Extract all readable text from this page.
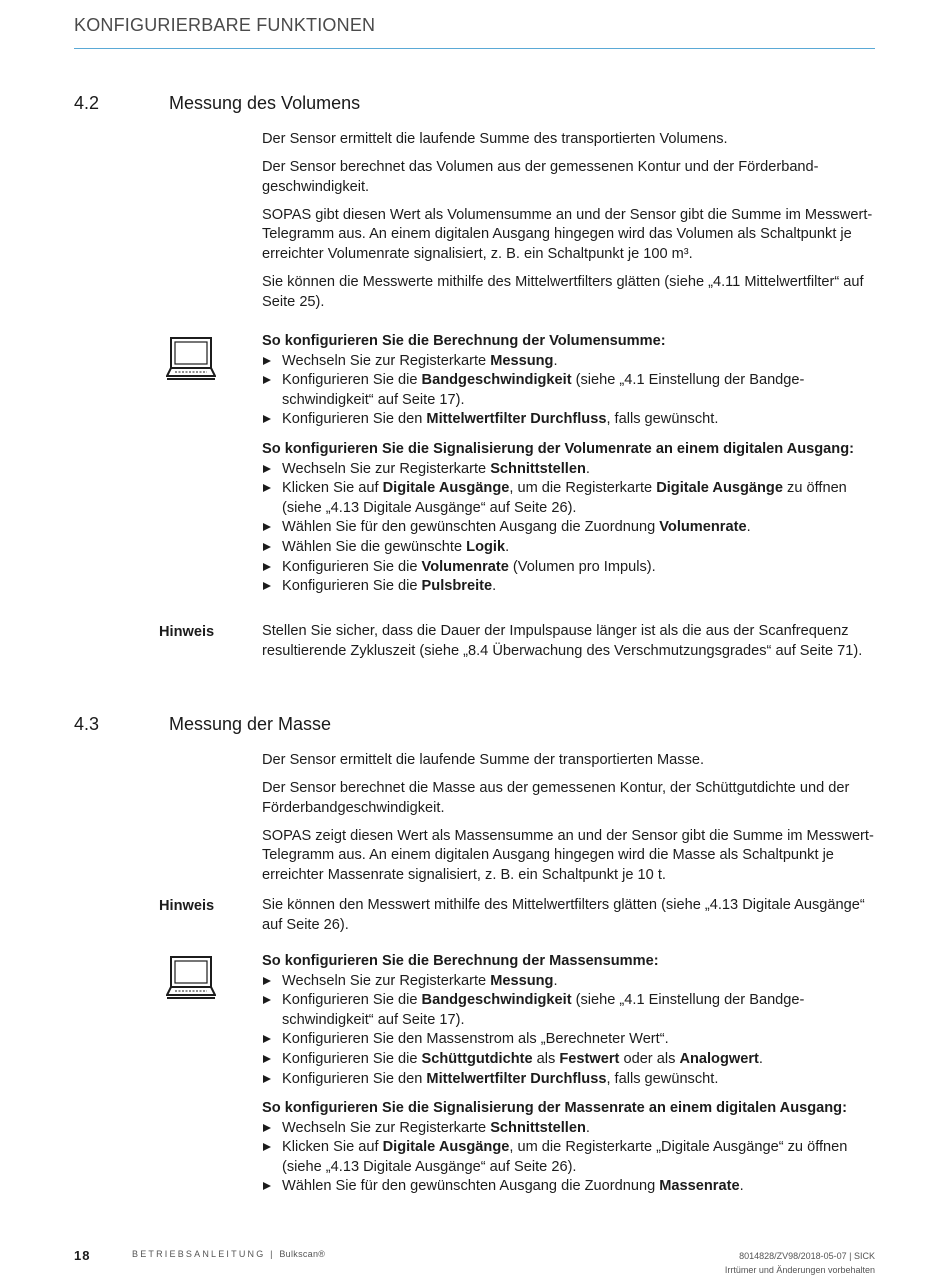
KONFIGURIERBARE FUNKTIONEN
4.2	Messung des Volumens

Der Sensor ermittelt die laufende Summe des transportierten Volumens.

Der Sensor berechnet das Volumen aus der gemessenen Kontur und der Förderbandgeschwindigkeit.

SOPAS gibt diesen Wert als Volumensumme an und der Sensor gibt die Summe im Messwert-Telegramm aus. An einem digitalen Ausgang hingegen wird das Volumen als Schaltpunkt je erreichter Volumenrate signalisiert, z. B. ein Schaltpunkt je 100 m³.

Sie können die Messwerte mithilfe des Mittelwertfilters glätten (siehe „4.11 Mittelwertfilter“ auf Seite 25).

So konfigurieren Sie die Berechnung der Volumensumme:
Wechseln Sie zur Registerkarte Messung.
Konfigurieren Sie die Bandgeschwindigkeit (siehe „4.1 Einstellung der Bandgeschwindigkeit“ auf Seite 17).
Konfigurieren Sie den Mittelwertfilter Durchfluss, falls gewünscht.
So konfigurieren Sie die Signalisierung der Volumenrate an einem digitalen Ausgang:
Wechseln Sie zur Registerkarte Schnittstellen.
Klicken Sie auf Digitale Ausgänge, um die Registerkarte Digitale Ausgänge zu öffnen (siehe „4.13 Digitale Ausgänge“ auf Seite 26).
Wählen Sie für den gewünschten Ausgang die Zuordnung Volumenrate.
Wählen Sie die gewünschte Logik.
Konfigurieren Sie die Volumenrate (Volumen pro Impuls).
Konfigurieren Sie die Pulsbreite.
Hinweis	Stellen Sie sicher, dass die Dauer der Impulspause länger ist als die aus der Scanfrequenz resultierende Zykluszeit (siehe „8.4 Überwachung des Verschmutzungsgrades“ auf Seite 71).

4.3	Messung der Masse

Der Sensor ermittelt die laufende Summe der transportierten Masse.

Der Sensor berechnet die Masse aus der gemessenen Kontur, der Schüttgutdichte und der Förderbandgeschwindigkeit.

SOPAS zeigt diesen Wert als Massensumme an und der Sensor gibt die Summe im Messwert-Telegramm aus. An einem digitalen Ausgang hingegen wird die Masse als Schaltpunkt je erreichter Massenrate signalisiert, z. B. ein Schaltpunkt je 10 t.

Hinweis	Sie können den Messwert mithilfe des Mittelwertfilters glätten (siehe „4.13 Digitale Ausgänge“ auf Seite 26).

So konfigurieren Sie die Berechnung der Massensumme:
Wechseln Sie zur Registerkarte Messung.
Konfigurieren Sie die Bandgeschwindigkeit (siehe „4.1 Einstellung der Bandgeschwindigkeit“ auf Seite 17).
Konfigurieren Sie den Massenstrom als „Berechneter Wert“.
Konfigurieren Sie die Schüttgutdichte als Festwert oder als Analogwert.
Konfigurieren Sie den Mittelwertfilter Durchfluss, falls gewünscht.
So konfigurieren Sie die Signalisierung der Massenrate an einem digitalen Ausgang:
Wechseln Sie zur Registerkarte Schnittstellen.
Klicken Sie auf Digitale Ausgänge, um die Registerkarte „Digitale Ausgänge“ zu öffnen (siehe „4.13 Digitale Ausgänge“ auf Seite 26).
Wählen Sie für den gewünschten Ausgang die Zuordnung Massenrate.
18	BETRIEBSANLEITUNG | Bulkscan®	8014828/ZV98/2018-05-07 | SICK
Irrtümer und Änderungen vorbehalten
